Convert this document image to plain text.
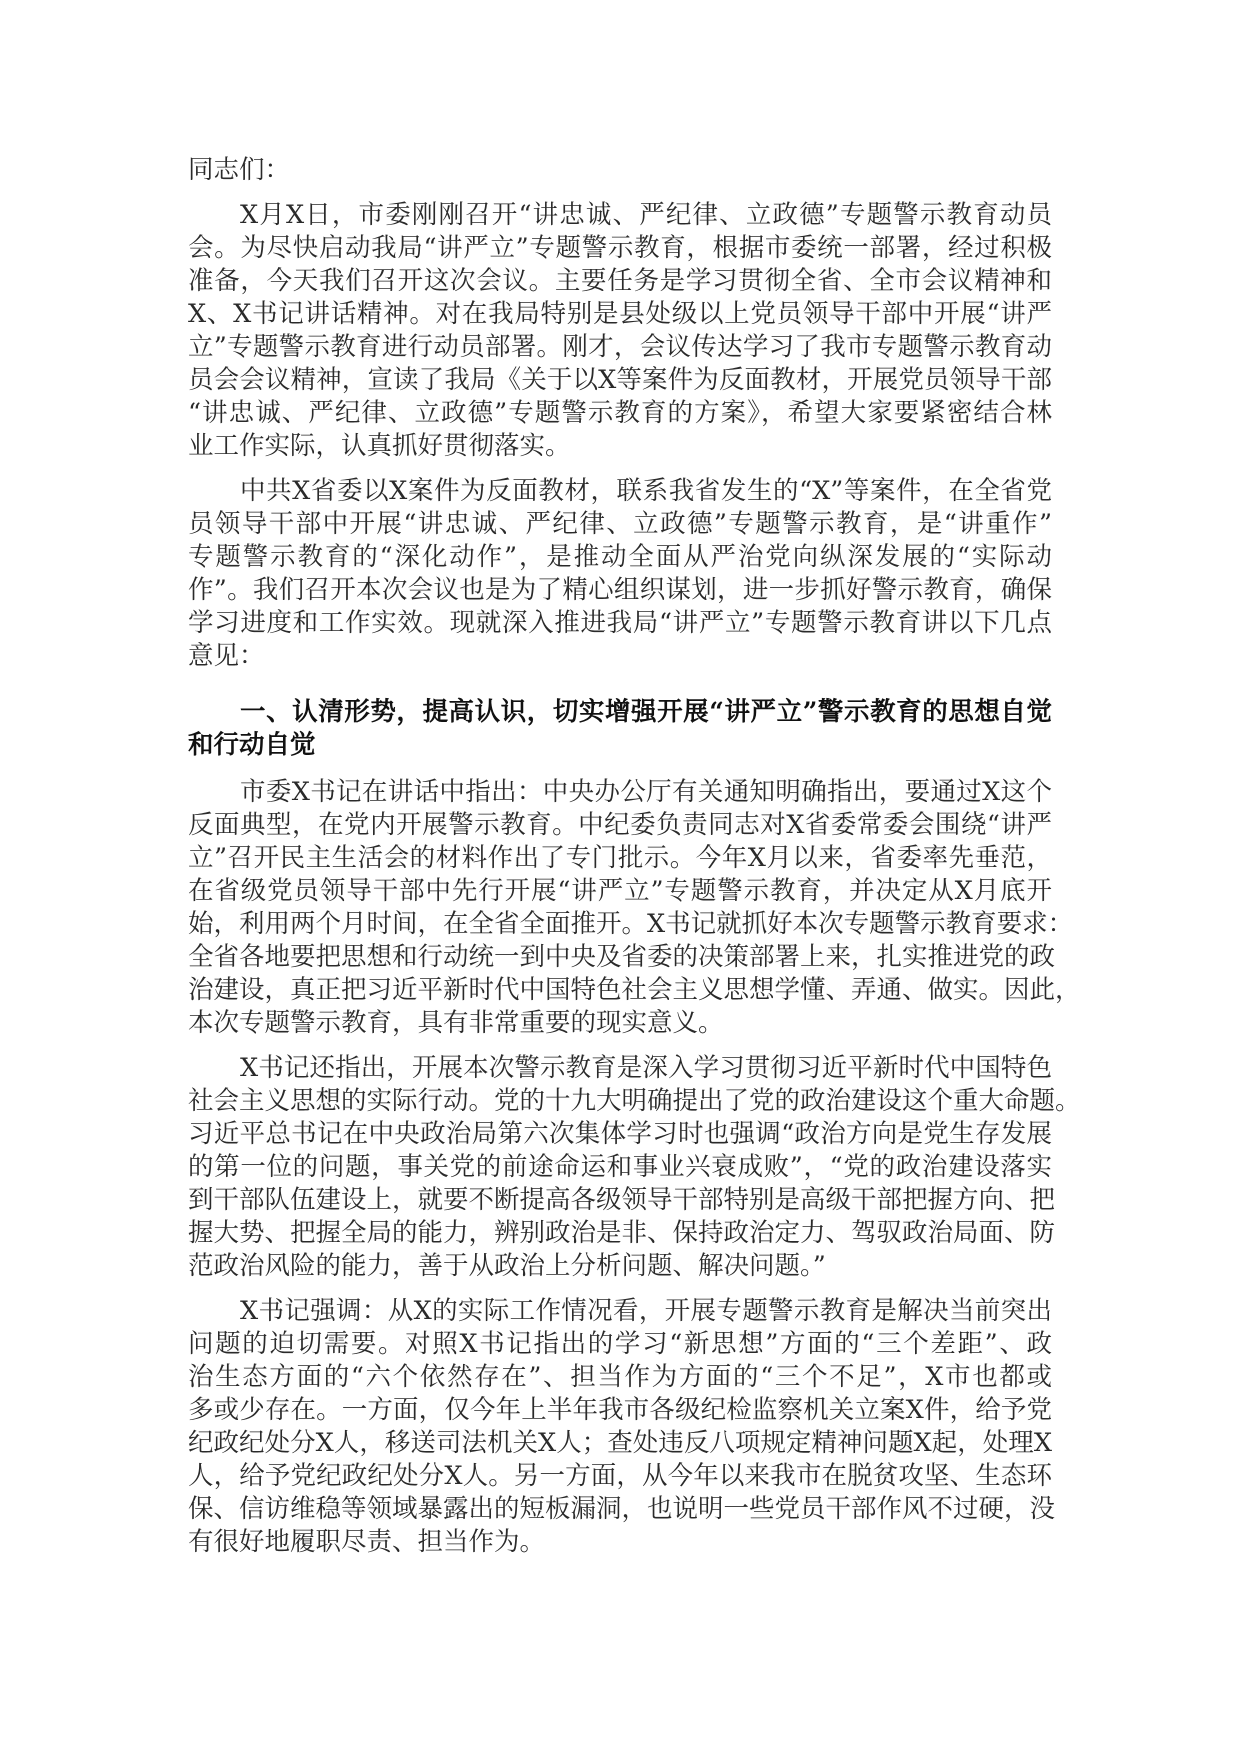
同志们：
X月X日，市委刚刚召开“讲忠诚、严纪律、立政德”专题警示教育动员
会。为尽快启动我局“讲严立”专题警示教育，根据市委统一部署，经过积极
准备，今天我们召开这次会议。主要任务是学习贯彻全省、全市会议精神和
X、X书记讲话精神。对在我局特别是县处级以上党员领导干部中开展“讲严
立”专题警示教育进行动员部署。刚才，会议传达学习了我市专题警示教育动
员会会议精神，宣读了我局《关于以X等案件为反面教材，开展党员领导干部
“讲忠诚、严纪律、立政德”专题警示教育的方案》，希望大家要紧密结合林
业工作实际，认真抓好贯彻落实。
中共X省委以X案件为反面教材，联系我省发生的“X”等案件，在全省党
员领导干部中开展“讲忠诚、严纪律、立政德”专题警示教育，是“讲重作”
专题警示教育的“深化动作”，是推动全面从严治党向纵深发展的“实际动
作”。我们召开本次会议也是为了精心组织谋划，进一步抓好警示教育，确保
学习进度和工作实效。现就深入推进我局“讲严立”专题警示教育讲以下几点
意见：
一、认清形势，提高认识，切实增强开展“讲严立”警示教育的思想自觉
和行动自觉
市委X书记在讲话中指出：中央办公厅有关通知明确指出，要通过X这个
反面典型，在党内开展警示教育。中纪委负责同志对X省委常委会围绕“讲严
立”召开民主生活会的材料作出了专门批示。今年X月以来，省委率先垂范，
在省级党员领导干部中先行开展“讲严立”专题警示教育，并决定从X月底开
始，利用两个月时间，在全省全面推开。X书记就抓好本次专题警示教育要求：
全省各地要把思想和行动统一到中央及省委的决策部署上来，扎实推进党的政
治建设，真正把习近平新时代中国特色社会主义思想学懂、弄通、做实。因此，
本次专题警示教育，具有非常重要的现实意义。
X书记还指出，开展本次警示教育是深入学习贯彻习近平新时代中国特色
社会主义思想的实际行动。党的十九大明确提出了党的政治建设这个重大命题。
习近平总书记在中央政治局第六次集体学习时也强调“政治方向是党生存发展
的第一位的问题，事关党的前途命运和事业兴衰成败”，“党的政治建设落实
到干部队伍建设上，就要不断提高各级领导干部特别是高级干部把握方向、把
握大势、把握全局的能力，辨别政治是非、保持政治定力、驾驭政治局面、防
范政治风险的能力，善于从政治上分析问题、解决问题。”
X书记强调：从X的实际工作情况看，开展专题警示教育是解决当前突出
问题的迫切需要。对照X书记指出的学习“新思想”方面的“三个差距”、政
治生态方面的“六个依然存在”、担当作为方面的“三个不足”，X市也都或
多或少存在。一方面，仅今年上半年我市各级纪检监察机关立案X件，给予党
纪政纪处分X人，移送司法机关X人；查处违反八项规定精神问题X起，处理X
人，给予党纪政纪处分X人。另一方面，从今年以来我市在脱贫攻坚、生态环
保、信访维稳等领域暴露出的短板漏洞，也说明一些党员干部作风不过硬，没
有很好地履职尽责、担当作为。
